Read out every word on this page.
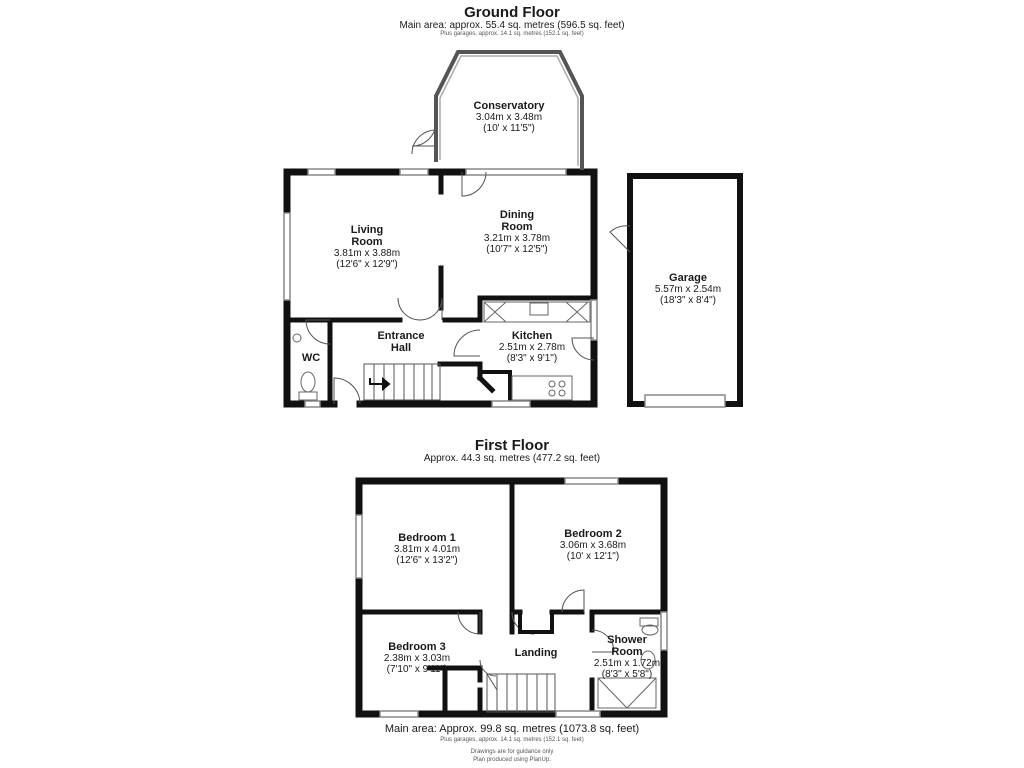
Ground Floor
Main area: approx. 55.4 sq. metres (596.5 sq. feet)
Plus garages, approx. 14.1 sq. metres (152.1 sq. feet)
Conservatory
3.04m x 3.48m
(10' x 11'5")
Living
Room
3.81m x 3.88m
(12'6" x 12'9")
Dining
Room
3.21m x 3.78m
(10'7" x 12'5")
Garage
5.57m x 2.54m
(18'3" x 8'4")
Entrance
Hall
Kitchen
2.51m x 2.78m
(8'3" x 9'1")
WC
First Floor
Approx. 44.3 sq. metres (477.2 sq. feet)
Bedroom 1
3.81m x 4.01m
(12'6" x 13'2")
Bedroom 2
3.06m x 3.68m
(10' x 12'1")
Bedroom 3
2.38m x 3.03m
(7'10" x 9'11")
Landing
Shower
Room
2.51m x 1.72m
(8'3" x 5'8")
Main area: Approx. 99.8 sq. metres (1073.8 sq. feet)
Plus garages, approx. 14.1 sq. metres (152.1 sq. feet)
Drawings are for guidance only
Plan produced using PlanUp.
